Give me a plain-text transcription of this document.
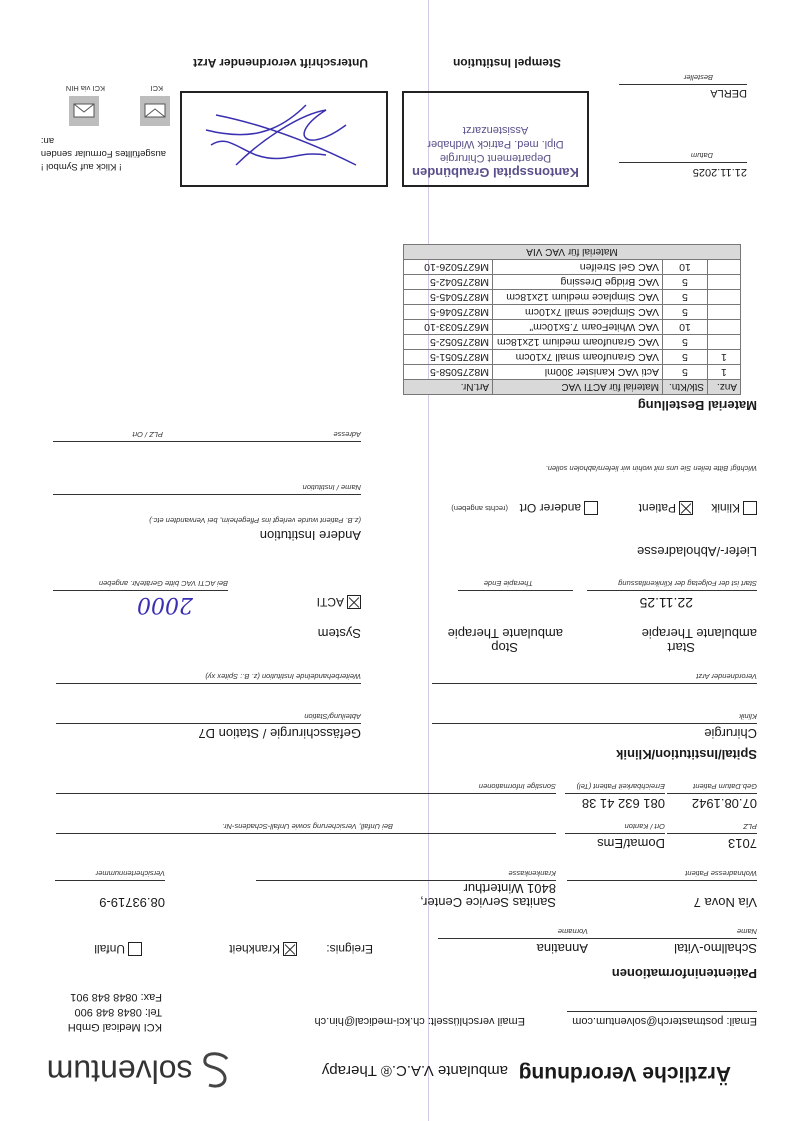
Ärztliche Verordnung
ambulante V.A.C.® Therapy
solventum
Email: postmasterch@solventum.com
Email verschlüsselt: ch.kci-medical@hin.ch
KCI Medical GmbH
Tel: 0848 848 900
Fax: 0848 848 901
Patienteninformationen
Schallmo-Vital
Annatina
Ereignis:
Krankheit
Unfall
Name
Vorname
Via Nova 7
Sanitas Service Center,
8401 Winterthur
08.93719-9
Wohnadresse Patient
Krankenkasse
Versichertennummer
7013
Domat/Ems
PLZ
Ort / Kanton
Bei Unfall, Versicherung sowie Unfall-Schadens-Nr.
07.08.1942
081 632 41 38
Geb.Datum Patient
Erreichbarkeit Patient (Tel)
Sonstige Informationen
Spital/Institution/Klinik
Chirurgie
Gefässchirurgie / Station D7
Klinik
Abteilung/Station
Verordnender Arzt
Weiterbehandelnde Institution (z. B.: Spitex xy)
Start
ambulante Therapie
Stop
ambulante Therapie
System
22.11.25
ACTI
2000
Start ist der Folgetag der Klinikentlassung
Therapie Ende
Bei ACTI VAC bitte GeräteNr. angeben
Liefer-/Abholadresse
Andere Institution
(z.B. Patient wurde verlegt ins Pflegeheim, bei Verwandten etc.)
Klinik
Patient
anderer Ort
(rechts angeben)
Name / Institution
Wichtig! Bitte teilen Sie uns mit wohin wir liefern/abholen sollen.
Adresse
PLZ / Ort
Material Bestellung
Anz.	Stk/Ktn.	Material für ACTI VAC	Art.Nr.
1	5	Acti VAC Kanister 300ml	M8275058-5
1	5	VAC Granufoam small 7x10cm	M8275051-5
	5	VAC Granufoam medium 12x18cm	M8275052-5
	10	VAC WhiteFoam 7.5x10cm"	M6275033-10
	5	VAC Simplace small 7x10cm	M8275046-5
	5	VAC Simplace medium 12x18cm	M8275045-5
	5	VAC Bridge Dressing	M8275042-5
	10	VAC Gel Streifen	M6275026-10
Material für VAC VIA			
21.11.2025
Datum
DERLA
Besteller
Kantonsspital Graubünden
Departement Chirurgie
Dipl. med. Patrick Widhaber
Assistenzarzt
Stempel Institution
Unterschrift verordnender Arzt
! Klick auf Symbol !
ausgefülltes Formular senden
an:
KCI
KCI via HIN
